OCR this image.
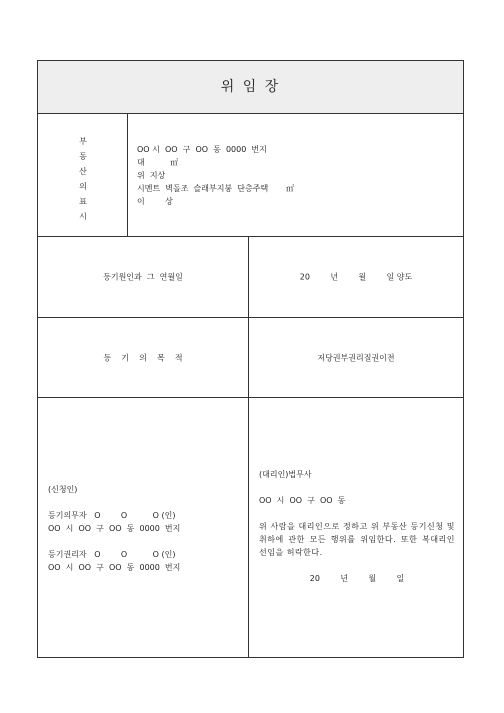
위 임 장
부
동
산
의
표
시
OO 시  OO  구  OO  동  0000  번지
대          ㎡
위  지상
시멘트  벽돌조  슬래부지붕  단층주택       ㎡
이        상
등기원인과  그  연월일	20        년        월        일 양도
등    기    의    목    적	저당권부권리질권이전
(신청인)

등기의무자   O        O          O (인)
OO  시  OO  구  OO  동  0000  번지

등기권리자   O        O          O (인)
OO  시  OO  구  OO  동  0000  번지
(대리인)법무사

OO  시  OO  구  OO  동

위 사람을 대리인으로 정하고 위 부동산 등기신청 및 취하에 관한 모든 행위를 위임한다. 또한 복대리인 선임을 허락한다.

20        년        월        일
